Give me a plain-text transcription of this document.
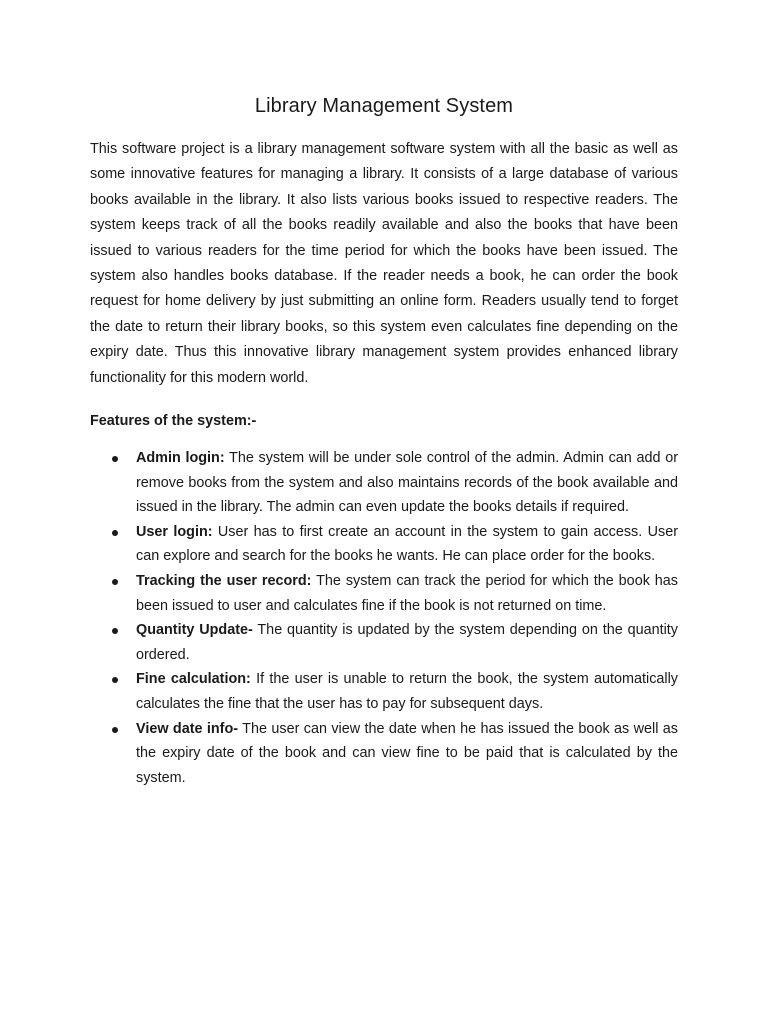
Library Management System

This software project is a library management software system with all the basic as well as some innovative features for managing a library. It consists of a large database of various books available in the library. It also lists various books issued to respective readers. The system keeps track of all the books readily available and also the books that have been issued to various readers for the time period for which the books have been issued. The system also handles books database. If the reader needs a book, he can order the book request for home delivery by just submitting an online form. Readers usually tend to forget the date to return their library books, so this system even calculates fine depending on the expiry date. Thus this innovative library management system provides enhanced library functionality for this modern world.

Features of the system:-
Admin login: The system will be under sole control of the admin. Admin can add or remove books from the system and also maintains records of the book available and issued in the library. The admin can even update the books details if required.
User login: User has to first create an account in the system to gain access. User can explore and search for the books he wants. He can place order for the books.
Tracking the user record: The system can track the period for which the book has been issued to user and calculates fine if the book is not returned on time.
Quantity Update- The quantity is updated by the system depending on the quantity ordered.
Fine calculation: If the user is unable to return the book, the system automatically calculates the fine that the user has to pay for subsequent days.
View date info- The user can view the date when he has issued the book as well as the expiry date of the book and can view fine to be paid that is calculated by the system.
